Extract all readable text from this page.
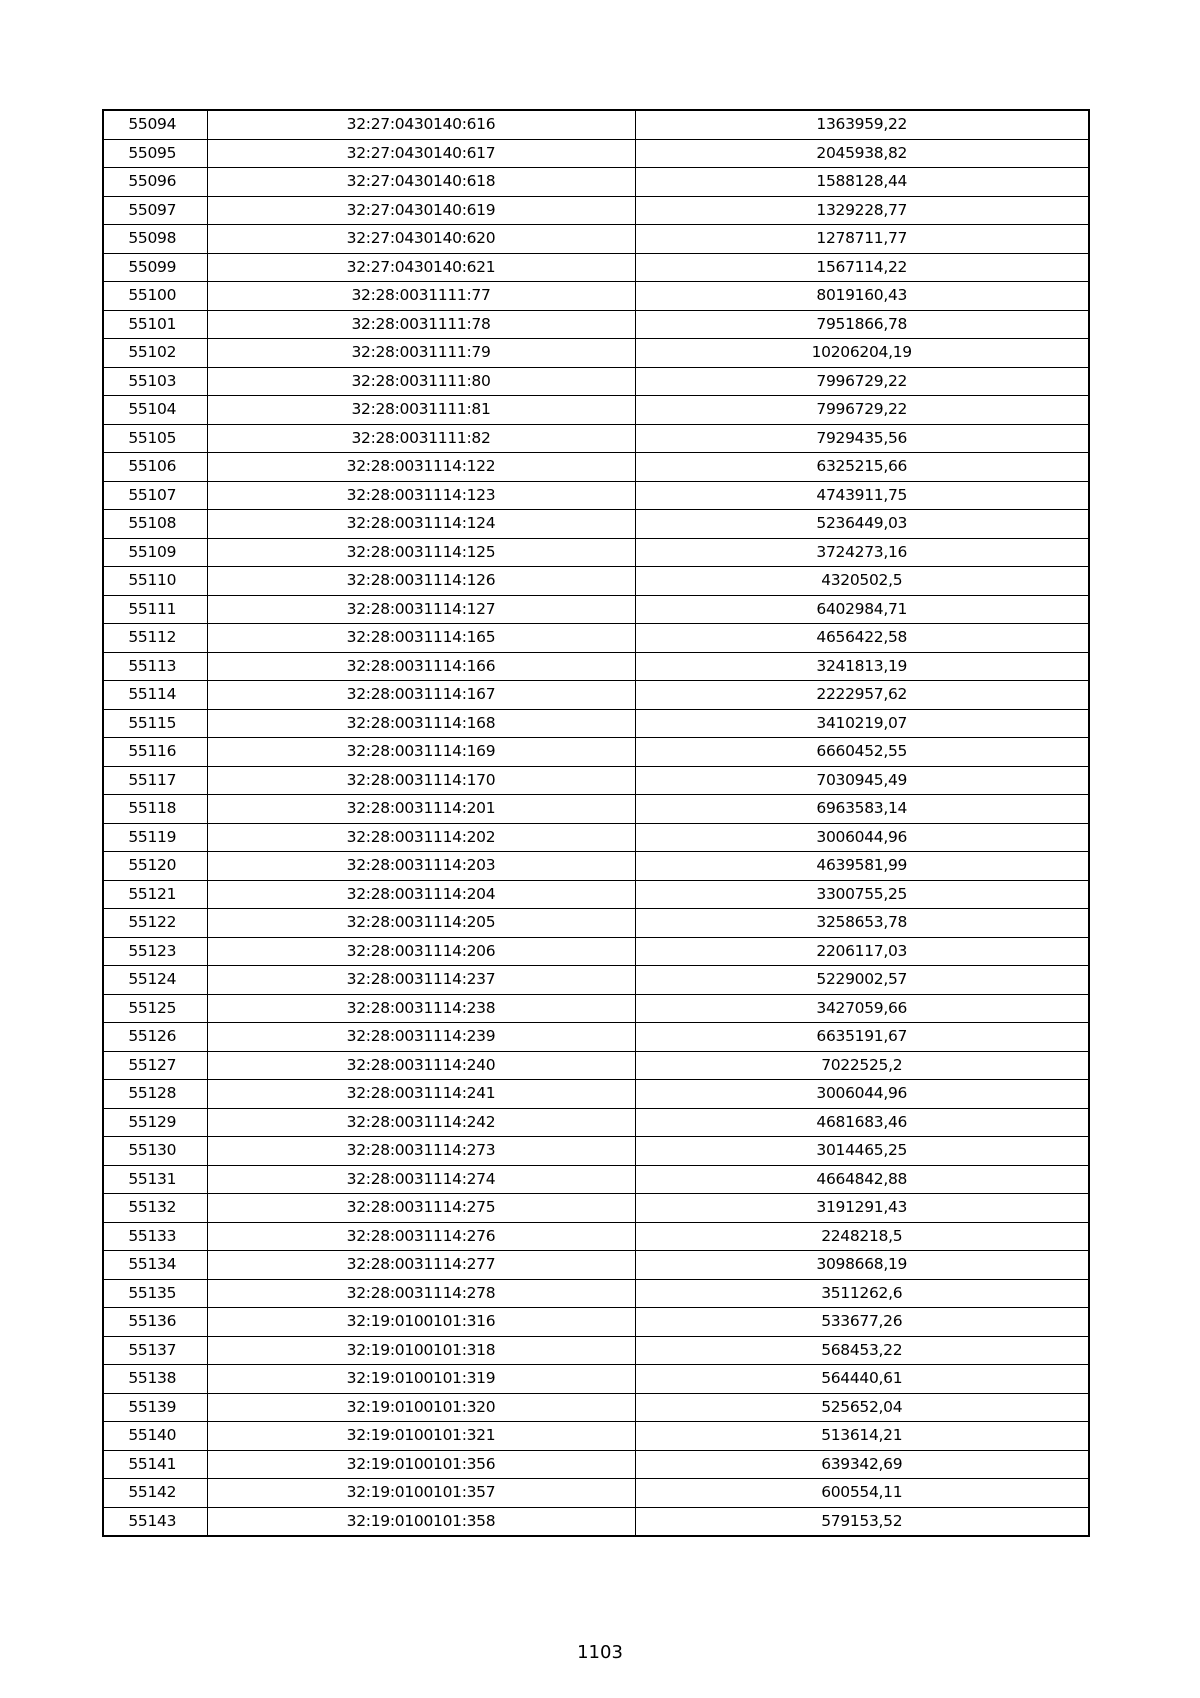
55094	32:27:0430140:616	1363959,22
55095	32:27:0430140:617	2045938,82
55096	32:27:0430140:618	1588128,44
55097	32:27:0430140:619	1329228,77
55098	32:27:0430140:620	1278711,77
55099	32:27:0430140:621	1567114,22
55100	32:28:0031111:77	8019160,43
55101	32:28:0031111:78	7951866,78
55102	32:28:0031111:79	10206204,19
55103	32:28:0031111:80	7996729,22
55104	32:28:0031111:81	7996729,22
55105	32:28:0031111:82	7929435,56
55106	32:28:0031114:122	6325215,66
55107	32:28:0031114:123	4743911,75
55108	32:28:0031114:124	5236449,03
55109	32:28:0031114:125	3724273,16
55110	32:28:0031114:126	4320502,5
55111	32:28:0031114:127	6402984,71
55112	32:28:0031114:165	4656422,58
55113	32:28:0031114:166	3241813,19
55114	32:28:0031114:167	2222957,62
55115	32:28:0031114:168	3410219,07
55116	32:28:0031114:169	6660452,55
55117	32:28:0031114:170	7030945,49
55118	32:28:0031114:201	6963583,14
55119	32:28:0031114:202	3006044,96
55120	32:28:0031114:203	4639581,99
55121	32:28:0031114:204	3300755,25
55122	32:28:0031114:205	3258653,78
55123	32:28:0031114:206	2206117,03
55124	32:28:0031114:237	5229002,57
55125	32:28:0031114:238	3427059,66
55126	32:28:0031114:239	6635191,67
55127	32:28:0031114:240	7022525,2
55128	32:28:0031114:241	3006044,96
55129	32:28:0031114:242	4681683,46
55130	32:28:0031114:273	3014465,25
55131	32:28:0031114:274	4664842,88
55132	32:28:0031114:275	3191291,43
55133	32:28:0031114:276	2248218,5
55134	32:28:0031114:277	3098668,19
55135	32:28:0031114:278	3511262,6
55136	32:19:0100101:316	533677,26
55137	32:19:0100101:318	568453,22
55138	32:19:0100101:319	564440,61
55139	32:19:0100101:320	525652,04
55140	32:19:0100101:321	513614,21
55141	32:19:0100101:356	639342,69
55142	32:19:0100101:357	600554,11
55143	32:19:0100101:358	579153,52
1103
